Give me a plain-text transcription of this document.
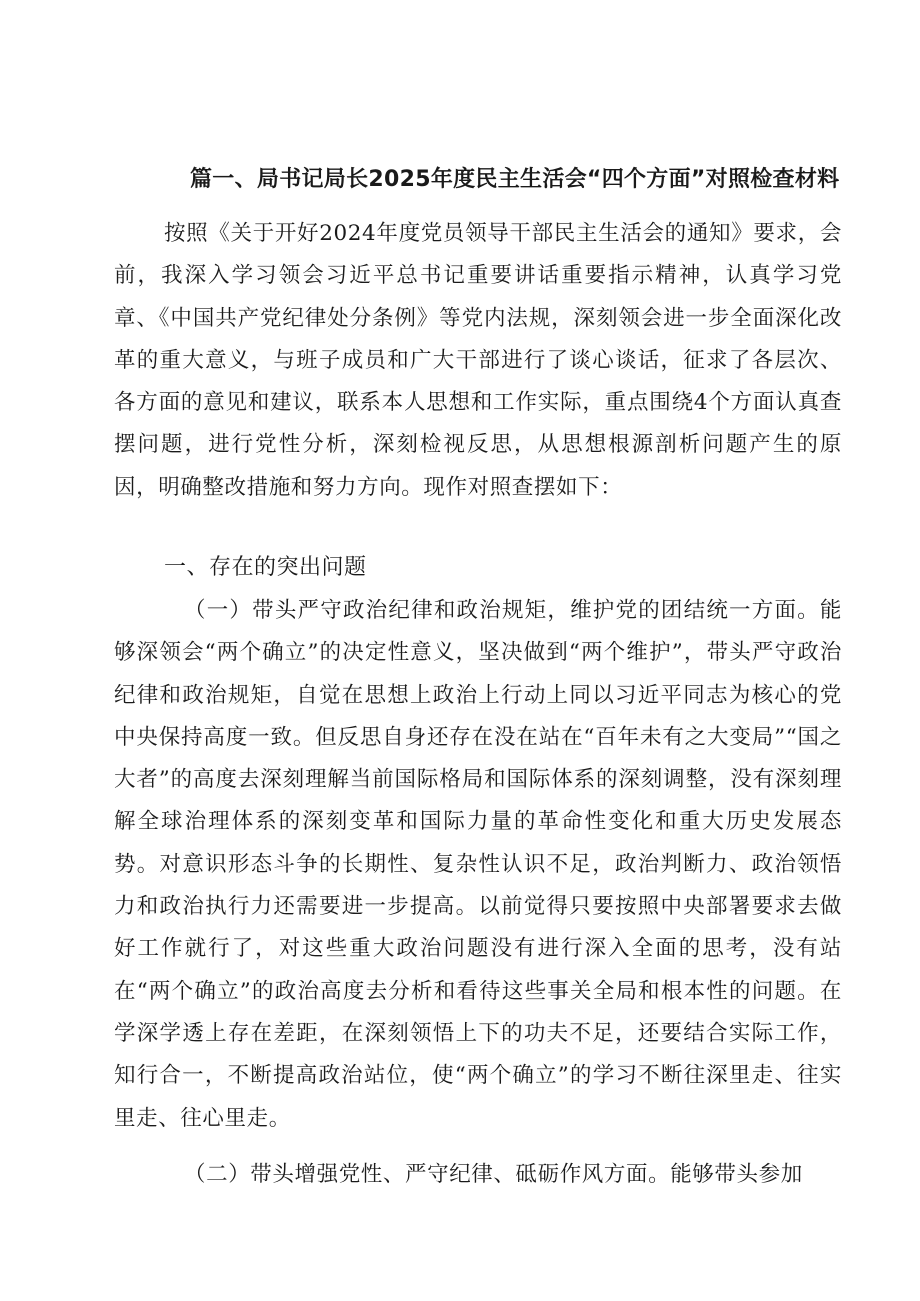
篇一、局书记局长2025年度民主生活会“四个方面”对照检查材料
按照《关于开好2024年度党员领导干部民主生活会的通知》要求，会前，我深入学习领会习近平总书记重要讲话重要指示精神，认真学习党章、《中国共产党纪律处分条例》等党内法规，深刻领会进一步全面深化改革的重大意义，与班子成员和广大干部进行了谈心谈话，征求了各层次、各方面的意见和建议，联系本人思想和工作实际，重点围绕4个方面认真查摆问题，进行党性分析，深刻检视反思，从思想根源剖析问题产生的原因，明确整改措施和努力方向。现作对照查摆如下：
一、存在的突出问题
（一）带头严守政治纪律和政治规矩，维护党的团结统一方面。能够深领会“两个确立”的决定性意义，坚决做到“两个维护”，带头严守政治纪律和政治规矩，自觉在思想上政治上行动上同以习近平同志为核心的党中央保持高度一致。但反思自身还存在没在站在“百年未有之大变局”“国之大者”的高度去深刻理解当前国际格局和国际体系的深刻调整，没有深刻理解全球治理体系的深刻变革和国际力量的革命性变化和重大历史发展态势。对意识形态斗争的长期性、复杂性认识不足，政治判断力、政治领悟力和政治执行力还需要进一步提高。以前觉得只要按照中央部署要求去做好工作就行了，对这些重大政治问题没有进行深入全面的思考，没有站在“两个确立”的政治高度去分析和看待这些事关全局和根本性的问题。在学深学透上存在差距，在深刻领悟上下的功夫不足，还要结合实际工作，知行合一，不断提高政治站位，使“两个确立”的学习不断往深里走、往实里走、往心里走。
（二）带头增强党性、严守纪律、砥砺作风方面。能够带头参加
